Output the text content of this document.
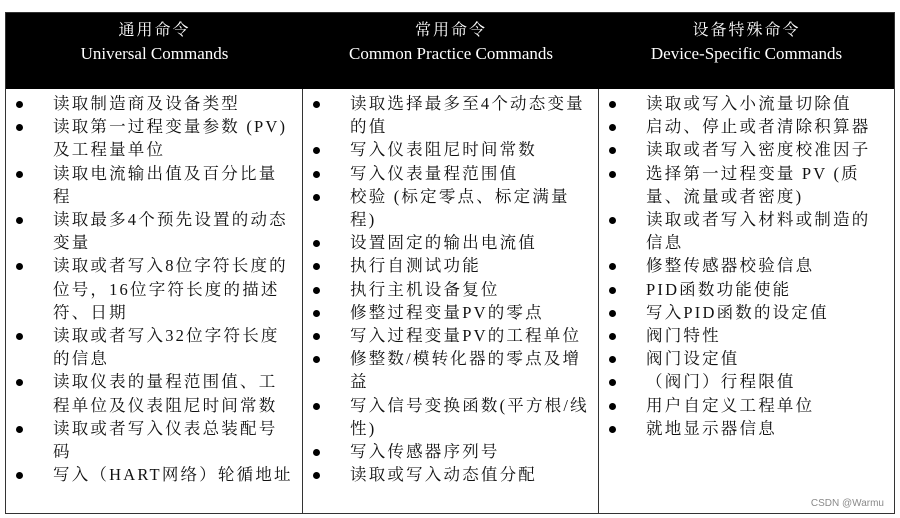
通用命令
Universal Commands
常用命令
Common Practice Commands
设备特殊命令
Device-Specific Commands
读取制造商及设备类型
读取第一过程变量参数 (PV) 及工程量单位
读取电流输出值及百分比量程
读取最多4个预先设置的动态变量
读取或者写入8位字符长度的位号，16位字符长度的描述符、日期
读取或者写入32位字符长度的信息
读取仪表的量程范围值、工程单位及仪表阻尼时间常数
读取或者写入仪表总装配号码
写入（HART网络）轮循地址
读取选择最多至4个动态变量的值
写入仪表阻尼时间常数
写入仪表量程范围值
校验 (标定零点、标定满量程)
设置固定的输出电流值
执行自测试功能
执行主机设备复位
修整过程变量PV的零点
写入过程变量PV的工程单位
修整数/模转化器的零点及增益
写入信号变换函数(平方根/线性)
写入传感器序列号
读取或写入动态值分配
读取或写入小流量切除值
启动、停止或者清除积算器
读取或者写入密度校准因子
选择第一过程变量 PV (质量、流量或者密度)
读取或者写入材料或制造的信息
修整传感器校验信息
PID函数功能使能
写入PID函数的设定值
阀门特性
阀门设定值
（阀门）行程限值
用户自定义工程单位
就地显示器信息
CSDN @Warmu
